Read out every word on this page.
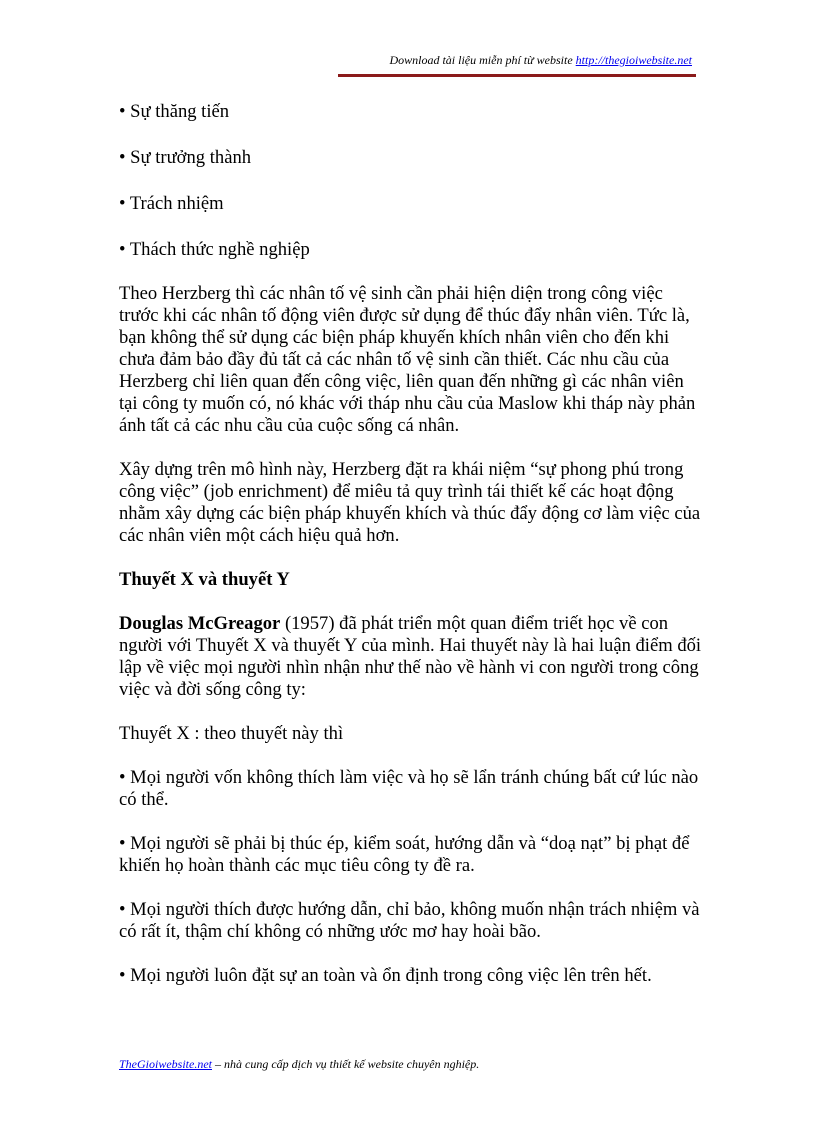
Download tài liệu miễn phí từ website http://thegioiwebsite.net

• Sự thăng tiến

• Sự trưởng thành

• Trách nhiệm

• Thách thức nghề nghiệp

Theo Herzberg thì các nhân tố vệ sinh cần phải hiện diện trong công việc trước khi các nhân tố động viên được sử dụng để thúc đẩy nhân viên. Tức là, bạn không thể sử dụng các biện pháp khuyến khích nhân viên cho đến khi chưa đảm bảo đầy đủ tất cả các nhân tố vệ sinh cần thiết. Các nhu cầu của Herzberg chỉ liên quan đến công việc, liên quan đến những gì các nhân viên tại công ty muốn có, nó khác với tháp nhu cầu của Maslow khi tháp này phản ánh tất cả các nhu cầu của cuộc sống cá nhân.

Xây dựng trên mô hình này, Herzberg đặt ra khái niệm “sự phong phú trong công việc” (job enrichment) để miêu tả quy trình tái thiết kế các hoạt động nhằm xây dựng các biện pháp khuyến khích và thúc đẩy động cơ làm việc của các nhân viên một cách hiệu quả hơn.

Thuyết X và thuyết Y

Douglas McGreagor (1957) đã phát triển một quan điểm triết học về con người với Thuyết X và thuyết Y của mình. Hai thuyết này là hai luận điểm đối lập về việc mọi người nhìn nhận như thế nào về hành vi con người trong công việc và đời sống công ty:

Thuyết X : theo thuyết này thì

• Mọi người vốn không thích làm việc và họ sẽ lẩn tránh chúng bất cứ lúc nào có thể.

• Mọi người sẽ phải bị thúc ép, kiểm soát, hướng dẫn và “doạ nạt” bị phạt để khiến họ hoàn thành các mục tiêu công ty đề ra.

• Mọi người thích được hướng dẫn, chỉ bảo, không muốn nhận trách nhiệm và có rất ít, thậm chí không có những ước mơ hay hoài bão.

• Mọi người luôn đặt sự an toàn và ổn định trong công việc lên trên hết.

TheGioiwebsite.net – nhà cung cấp dịch vụ thiết kế website chuyên nghiệp.
